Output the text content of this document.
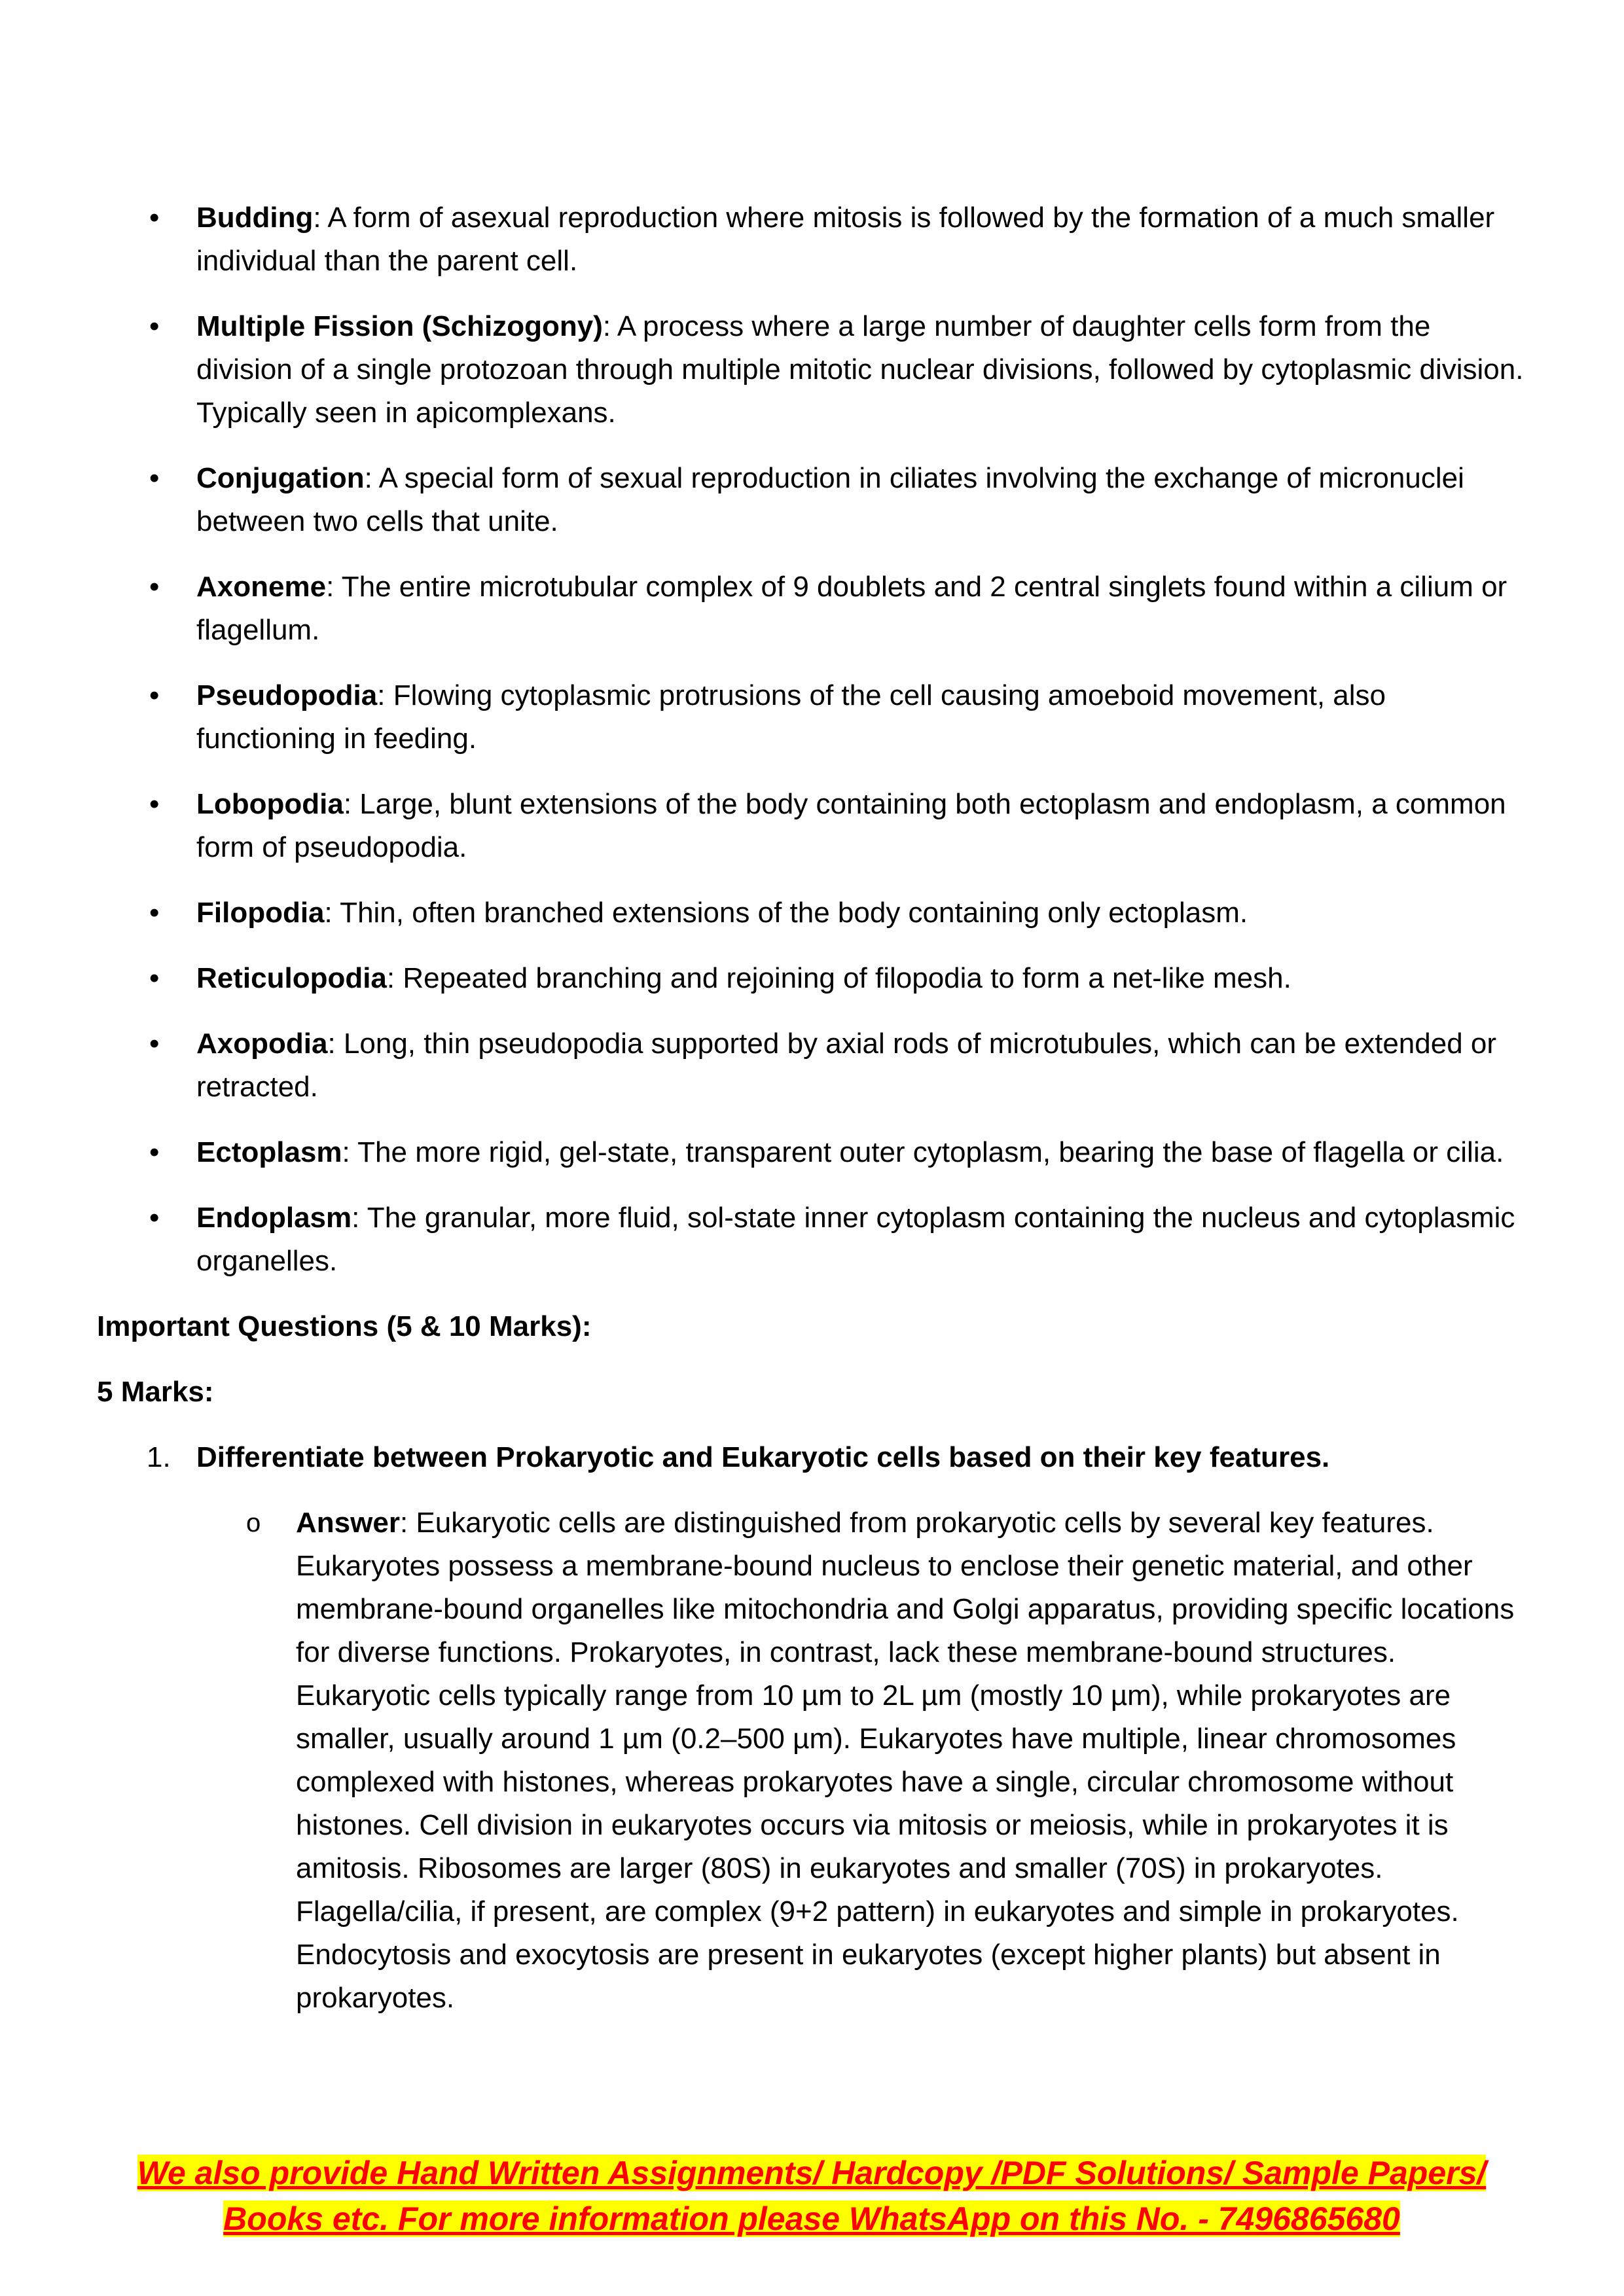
• Budding: A form of asexual reproduction where mitosis is followed by the formation of a much smaller individual than the parent cell.
• Multiple Fission (Schizogony): A process where a large number of daughter cells form from the division of a single protozoan through multiple mitotic nuclear divisions, followed by cytoplasmic division. Typically seen in apicomplexans.
• Conjugation: A special form of sexual reproduction in ciliates involving the exchange of micronuclei between two cells that unite.
• Axoneme: The entire microtubular complex of 9 doublets and 2 central singlets found within a cilium or flagellum.
• Pseudopodia: Flowing cytoplasmic protrusions of the cell causing amoeboid movement, also functioning in feeding.
• Lobopodia: Large, blunt extensions of the body containing both ectoplasm and endoplasm, a common form of pseudopodia.
• Filopodia: Thin, often branched extensions of the body containing only ectoplasm.
• Reticulopodia: Repeated branching and rejoining of filopodia to form a net-like mesh.
• Axopodia: Long, thin pseudopodia supported by axial rods of microtubules, which can be extended or retracted.
• Ectoplasm: The more rigid, gel-state, transparent outer cytoplasm, bearing the base of flagella or cilia.
• Endoplasm: The granular, more fluid, sol-state inner cytoplasm containing the nucleus and cytoplasmic organelles.

Important Questions (5 & 10 Marks):

5 Marks:

1. Differentiate between Prokaryotic and Eukaryotic cells based on their key features.
o	Answer: Eukaryotic cells are distinguished from prokaryotic cells by several key features. Eukaryotes possess a membrane-bound nucleus to enclose their genetic material, and other membrane-bound organelles like mitochondria and Golgi apparatus, providing specific locations for diverse functions. Prokaryotes, in contrast, lack these membrane-bound structures. Eukaryotic cells typically range from 10 µm to 2L µm (mostly 10 µm), while prokaryotes are smaller, usually around 1 µm (0.2–500 µm). Eukaryotes have multiple, linear chromosomes complexed with histones, whereas prokaryotes have a single, circular chromosome without histones. Cell division in eukaryotes occurs via mitosis or meiosis, while in prokaryotes it is amitosis. Ribosomes are larger (80S) in eukaryotes and smaller (70S) in prokaryotes. Flagella/cilia, if present, are complex (9+2 pattern) in eukaryotes and simple in prokaryotes. Endocytosis and exocytosis are present in eukaryotes (except higher plants) but absent in prokaryotes.
We also provide Hand Written Assignments/ Hardcopy /PDF Solutions/ Sample Papers/
Books etc. For more information please WhatsApp on this No. - 7496865680
